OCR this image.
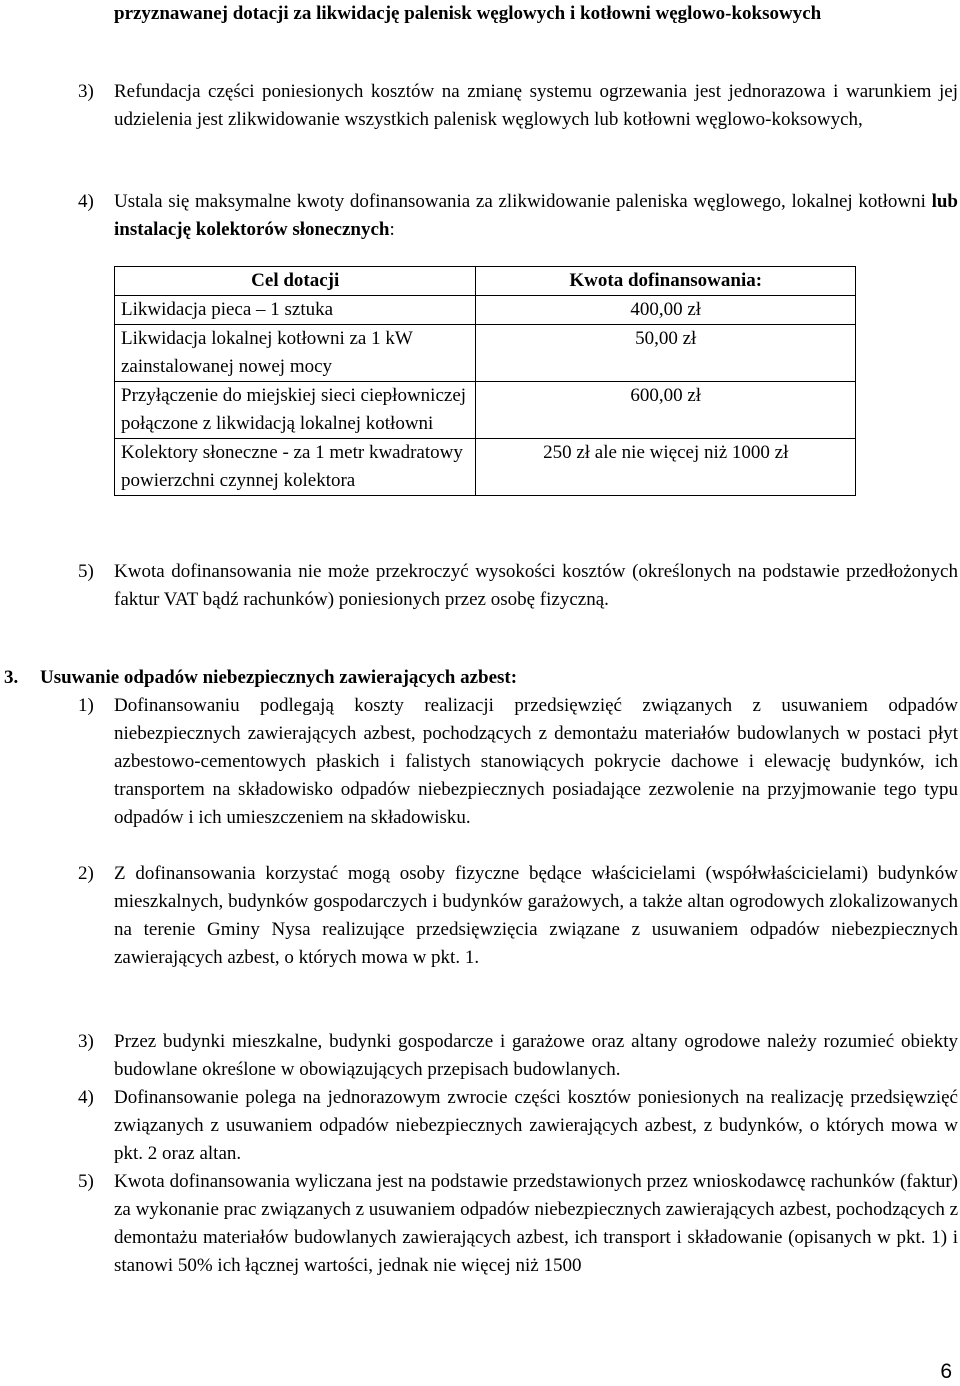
przyznawanej dotacji za likwidację palenisk węglowych i kotłowni węglowo-koksowych
3)	Refundacja części poniesionych kosztów na zmianę systemu ogrzewania jest jednorazowa i warunkiem jej udzielenia jest zlikwidowanie wszystkich palenisk węglowych lub kotłowni węglowo-koksowych,
4)	Ustala się maksymalne kwoty dofinansowania za zlikwidowanie paleniska węglowego, lokalnej kotłowni lub instalację kolektorów słonecznych:
Cel dotacji	Kwota dofinansowania:
Likwidacja pieca – 1 sztuka	400,00 zł
Likwidacja lokalnej kotłowni za 1 kW zainstalowanej nowej mocy	50,00 zł
Przyłączenie do miejskiej sieci ciepłowniczej połączone z likwidacją lokalnej kotłowni	600,00 zł
Kolektory słoneczne - za 1 metr kwadratowy powierzchni czynnej kolektora	250 zł ale nie więcej niż 1000 zł
5)	Kwota dofinansowania nie może przekroczyć wysokości kosztów (określonych na podstawie przedłożonych faktur VAT bądź rachunków) poniesionych przez osobę fizyczną.
3. Usuwanie odpadów niebezpiecznych zawierających azbest:
1)	Dofinansowaniu podlegają koszty realizacji przedsięwzięć związanych z usuwaniem odpadów niebezpiecznych zawierających azbest, pochodzących z demontażu materiałów budowlanych w postaci płyt azbestowo-cementowych płaskich i falistych stanowiących pokrycie dachowe i elewację budynków, ich transportem na składowisko odpadów niebezpiecznych posiadające zezwolenie na przyjmowanie tego typu odpadów i ich umieszczeniem na składowisku.
2)	Z dofinansowania korzystać mogą osoby fizyczne będące właścicielami (współwłaścicielami) budynków mieszkalnych, budynków gospodarczych i budynków garażowych, a także altan ogrodowych zlokalizowanych na terenie Gminy Nysa realizujące przedsięwzięcia związane z usuwaniem odpadów niebezpiecznych zawierających azbest, o których mowa w pkt. 1.
3)	Przez budynki mieszkalne, budynki gospodarcze i garażowe oraz altany ogrodowe należy rozumieć obiekty budowlane określone w obowiązujących przepisach budowlanych.
4)	Dofinansowanie polega na jednorazowym zwrocie części kosztów poniesionych na realizację przedsięwzięć związanych z usuwaniem odpadów niebezpiecznych zawierających azbest, z budynków, o których mowa w pkt. 2 oraz altan.
5)	Kwota dofinansowania wyliczana jest na podstawie przedstawionych przez wnioskodawcę rachunków (faktur) za wykonanie prac związanych z usuwaniem odpadów niebezpiecznych zawierających azbest, pochodzących z demontażu materiałów budowlanych zawierających azbest, ich transport i składowanie (opisanych w pkt. 1) i stanowi 50% ich łącznej wartości, jednak nie więcej niż 1500
6
